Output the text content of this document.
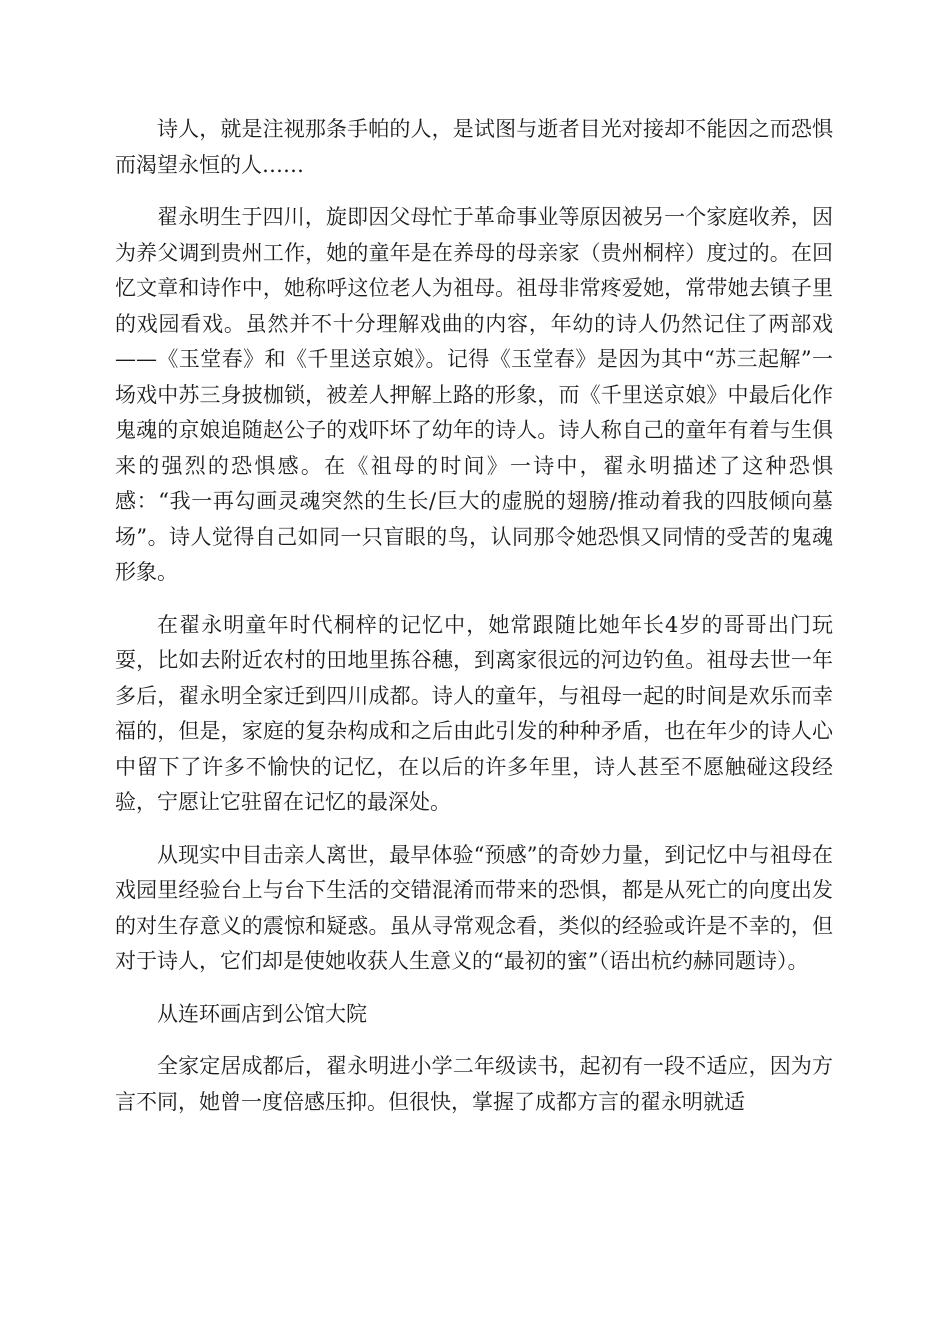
诗人，就是注视那条手帕的人，是试图与逝者目光对接却不能因之而恐惧而渴望永恒的人……

翟永明生于四川，旋即因父母忙于革命事业等原因被另一个家庭收养，因为养父调到贵州工作，她的童年是在养母的母亲家（贵州桐梓）度过的。在回忆文章和诗作中，她称呼这位老人为祖母。祖母非常疼爱她，常带她去镇子里的戏园看戏。虽然并不十分理解戏曲的内容，年幼的诗人仍然记住了两部戏——《玉堂春》和《千里送京娘》。记得《玉堂春》是因为其中“苏三起解”一场戏中苏三身披枷锁，被差人押解上路的形象，而《千里送京娘》中最后化作鬼魂的京娘追随赵公子的戏吓坏了幼年的诗人。诗人称自己的童年有着与生俱来的强烈的恐惧感。在《祖母的时间》一诗中，翟永明描述了这种恐惧感：“我一再勾画灵魂突然的生长/巨大的虚脱的翅膀/推动着我的四肢倾向墓场”。诗人觉得自己如同一只盲眼的鸟，认同那令她恐惧又同情的受苦的鬼魂形象。

在翟永明童年时代桐梓的记忆中，她常跟随比她年长4岁的哥哥出门玩耍，比如去附近农村的田地里拣谷穗，到离家很远的河边钓鱼。祖母去世一年多后，翟永明全家迁到四川成都。诗人的童年，与祖母一起的时间是欢乐而幸福的，但是，家庭的复杂构成和之后由此引发的种种矛盾，也在年少的诗人心中留下了许多不愉快的记忆，在以后的许多年里，诗人甚至不愿触碰这段经验，宁愿让它驻留在记忆的最深处。

从现实中目击亲人离世，最早体验“预感”的奇妙力量，到记忆中与祖母在戏园里经验台上与台下生活的交错混淆而带来的恐惧，都是从死亡的向度出发的对生存意义的震惊和疑惑。虽从寻常观念看，类似的经验或许是不幸的，但对于诗人，它们却是使她收获人生意义的“最初的蜜”（语出杭约赫同题诗）。

从连环画店到公馆大院

全家定居成都后，翟永明进小学二年级读书，起初有一段不适应，因为方言不同，她曾一度倍感压抑。但很快，掌握了成都方言的翟永明就适
